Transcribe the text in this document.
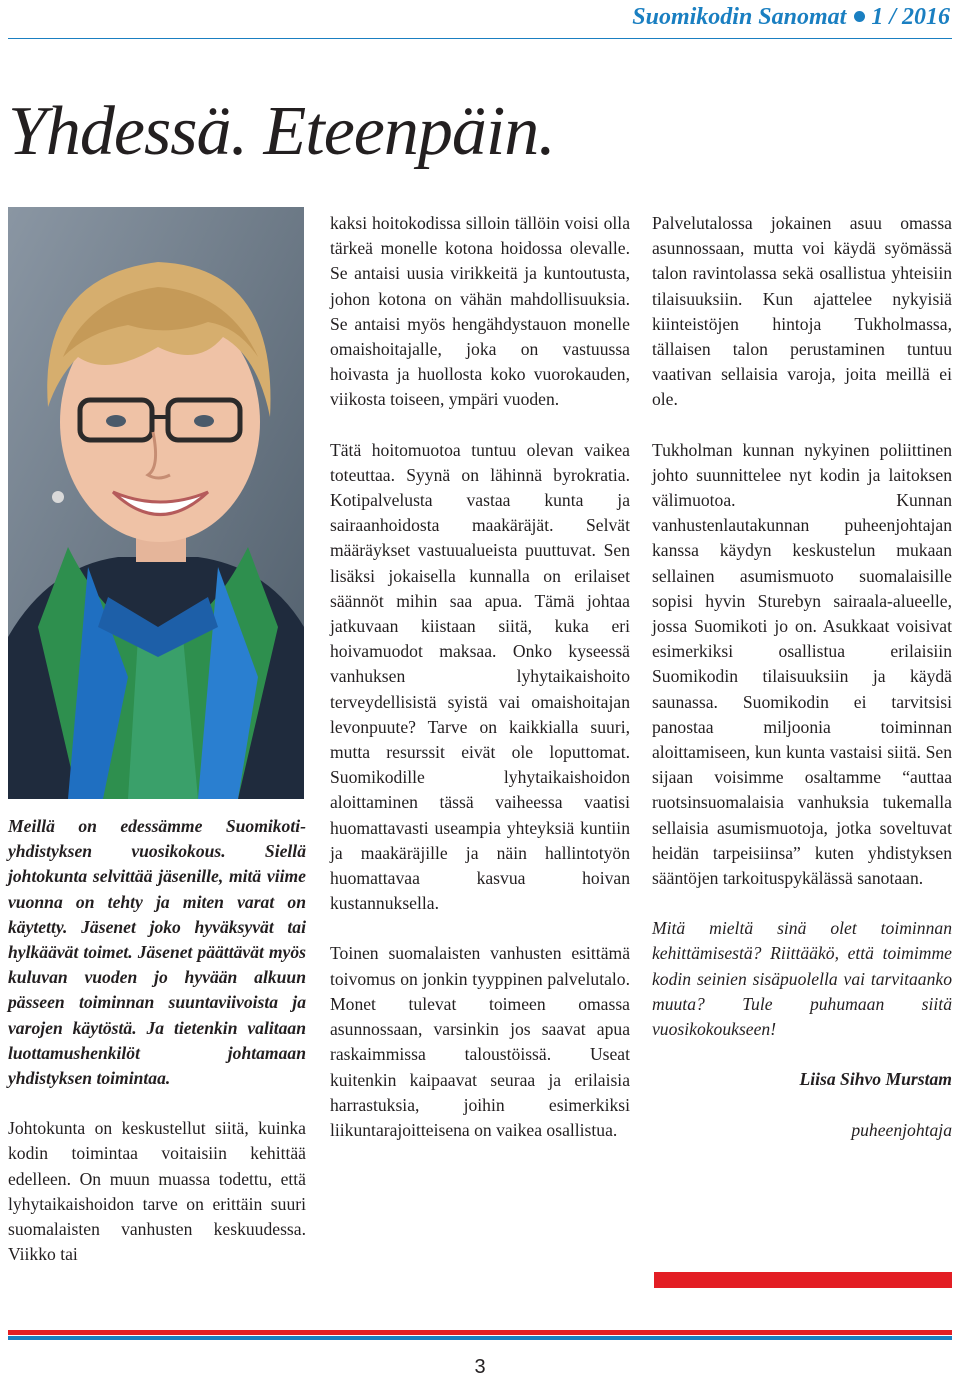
Suomikodin Sanomat 1 / 2016
Yhdessä. Eteenpäin.

Meillä on edessämme Suomikoti-yhdistyksen vuosikokous. Siellä johtokunta selvittää jäsenille, mitä viime vuonna on tehty ja miten varat on käytetty. Jäsenet joko hyväksyvät tai hylkäävät toimet. Jäsenet päättävät myös kuluvan vuoden jo hyvään alkuun pässeen toiminnan suuntaviivoista ja varojen käytöstä. Ja tietenkin valitaan luottamushenkilöt johtamaan yhdistyksen toimintaa.

Johtokunta on keskustellut siitä, kuinka kodin toimintaa voitaisiin kehittää edelleen. On muun muassa todettu, että lyhytaikaishoidon tarve on erittäin suuri suomalaisten vanhusten keskuudessa. Viikko tai

kaksi hoitokodissa silloin tällöin voisi olla tärkeä monelle kotona hoidossa olevalle. Se antaisi uusia virikkeitä ja kuntoutusta, johon kotona on vähän mahdollisuuksia. Se antaisi myös hengähdystauon monelle omaishoitajalle, joka on vastuussa hoivasta ja huollosta koko vuorokauden, viikosta toiseen, ympäri vuoden.

Tätä hoitomuotoa tuntuu olevan vaikea toteuttaa. Syynä on lähinnä byrokratia. Kotipalvelusta vastaa kunta ja sairaanhoidosta maakäräjät. Selvät määräykset vastuualueista puuttuvat. Sen lisäksi jokaisella kunnalla on erilaiset säännöt mihin saa apua. Tämä johtaa jatkuvaan kiistaan siitä, kuka eri hoivamuodot maksaa. Onko kyseessä vanhuksen lyhytaikaishoito terveydellisistä syistä vai omaishoitajan levonpuute? Tarve on kaikkialla suuri, mutta resurssit eivät ole loputtomat. Suomikodille lyhytaikaishoidon aloittaminen tässä vaiheessa vaatisi huomattavasti useampia yhteyksiä kuntiin ja maakäräjille ja näin hallintotyön huomattavaa kasvua hoivan kustannuksella.

Toinen suomalaisten vanhusten esittämä toivomus on jonkin tyyppinen palvelutalo. Monet tulevat toimeen omassa asunnossaan, varsinkin jos saavat apua raskaimmissa taloustöissä. Useat kuitenkin kaipaavat seuraa ja erilaisia harrastuksia, joihin esimerkiksi liikuntarajoitteisena on vaikea osallistua.

Palvelutalossa jokainen asuu omassa asunnossaan, mutta voi käydä syömässä talon ravintolassa sekä osallistua yhteisiin tilaisuuksiin. Kun ajattelee nykyisiä kiinteistöjen hintoja Tukholmassa, tällaisen talon perustaminen tuntuu vaativan sellaisia varoja, joita meillä ei ole.

Tukholman kunnan nykyinen poliittinen johto suunnittelee nyt kodin ja laitoksen välimuotoa. Kunnan vanhustenlautakunnan puheenjohtajan kanssa käydyn keskustelun mukaan sellainen asumismuoto suomalaisille sopisi hyvin Sturebyn sairaala-alueelle, jossa Suomikoti jo on. Asukkaat voisivat esimerkiksi osallistua erilaisiin Suomikodin tilaisuuksiin ja käydä saunassa. Suomikodin ei tarvitsisi panostaa miljoonia toiminnan aloittamiseen, kun kunta vastaisi siitä. Sen sijaan voisimme osaltamme “auttaa ruotsinsuomalaisia vanhuksia tukemalla sellaisia asumismuotoja, jotka soveltuvat heidän tarpeisiinsa” kuten yhdistyksen sääntöjen tarkoituspykälässä sanotaan.

Mitä mieltä sinä olet toiminnan kehittämisestä? Riittääkö, että toimimme kodin seinien sisäpuolella vai tarvitaanko muuta? Tule puhumaan siitä vuosikokoukseen!

Liisa Sihvo Murstam

puheenjohtaja

3
